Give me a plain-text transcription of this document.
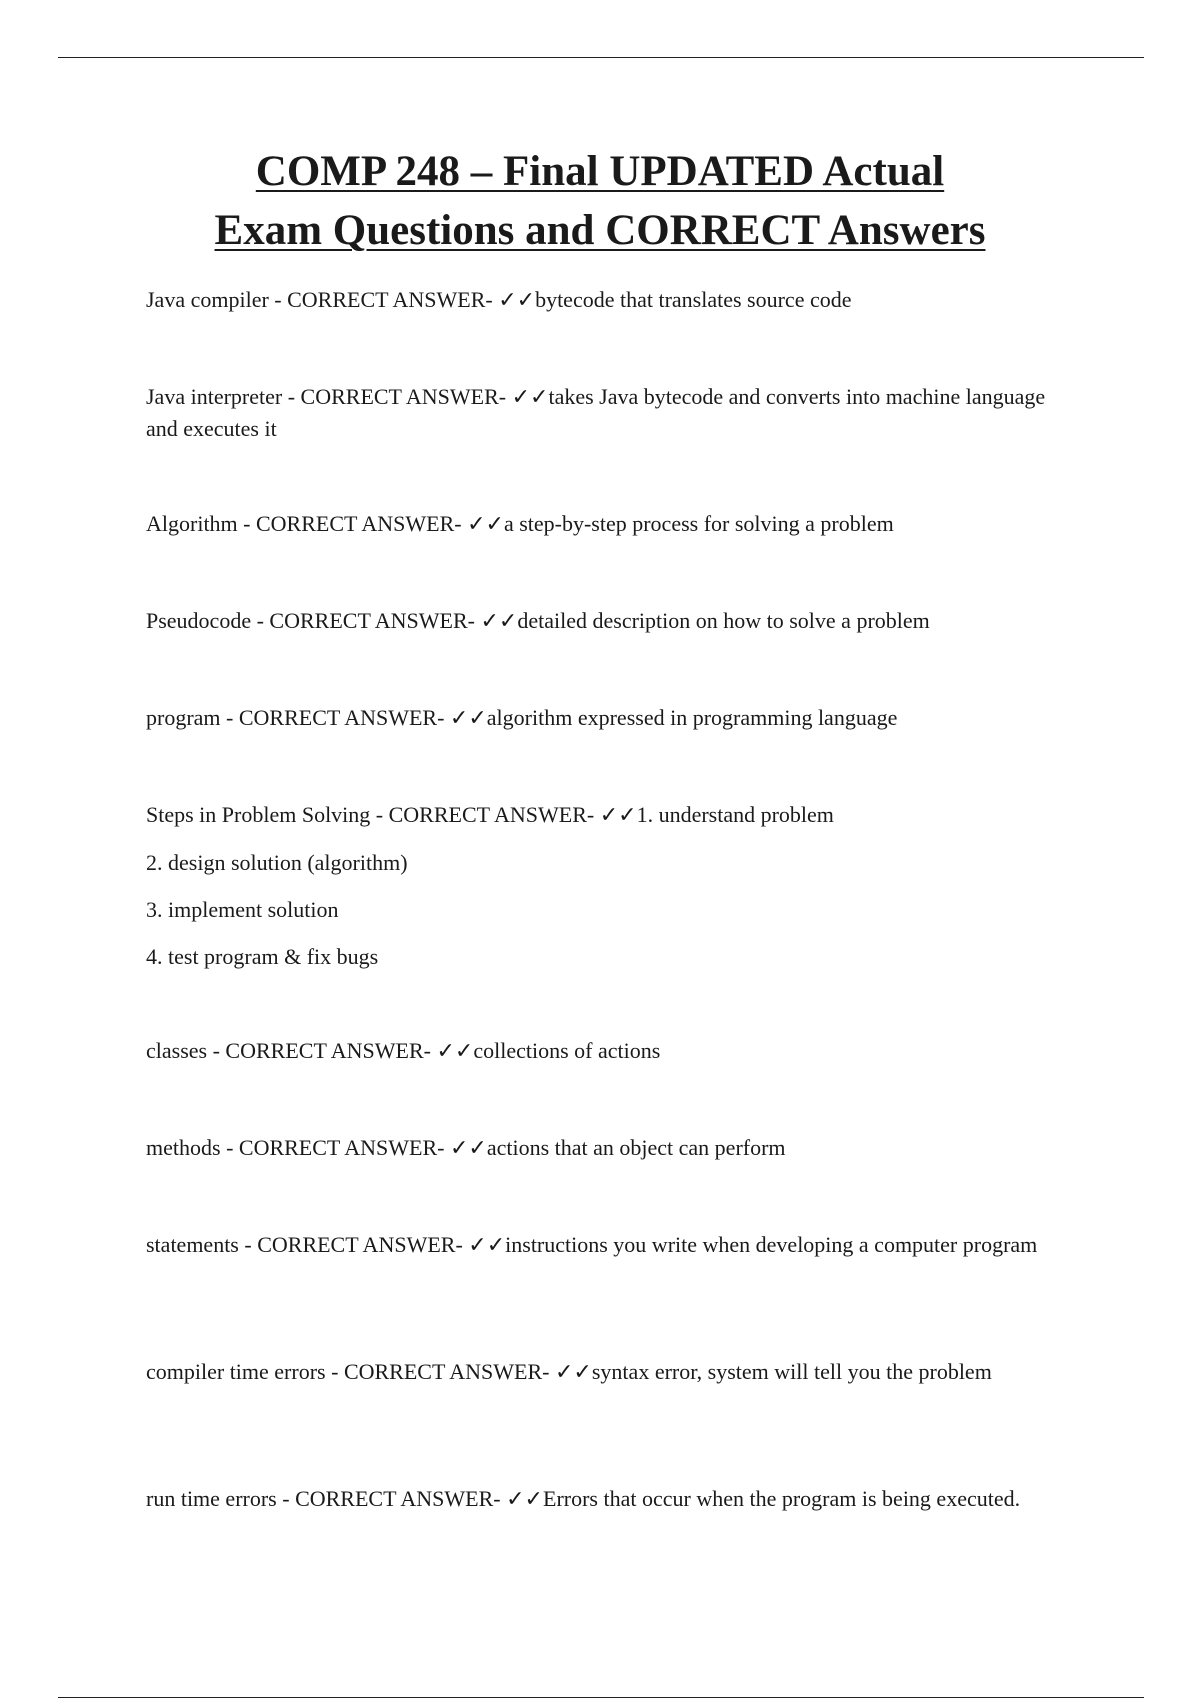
COMP 248 – Final UPDATED Actual
Exam Questions and CORRECT Answers

Java compiler - CORRECT ANSWER- ✓✓bytecode that translates source code

Java interpreter - CORRECT ANSWER- ✓✓takes Java bytecode and converts into machine language and executes it

Algorithm - CORRECT ANSWER- ✓✓a step-by-step process for solving a problem

Pseudocode - CORRECT ANSWER- ✓✓detailed description on how to solve a problem

program - CORRECT ANSWER- ✓✓algorithm expressed in programming language

Steps in Problem Solving - CORRECT ANSWER- ✓✓1. understand problem

2. design solution (algorithm)

3. implement solution

4. test program & fix bugs

classes - CORRECT ANSWER- ✓✓collections of actions

methods - CORRECT ANSWER- ✓✓actions that an object can perform

statements - CORRECT ANSWER- ✓✓instructions you write when developing a computer program

compiler time errors - CORRECT ANSWER- ✓✓syntax error, system will tell you the problem

run time errors - CORRECT ANSWER- ✓✓Errors that occur when the program is being executed.
